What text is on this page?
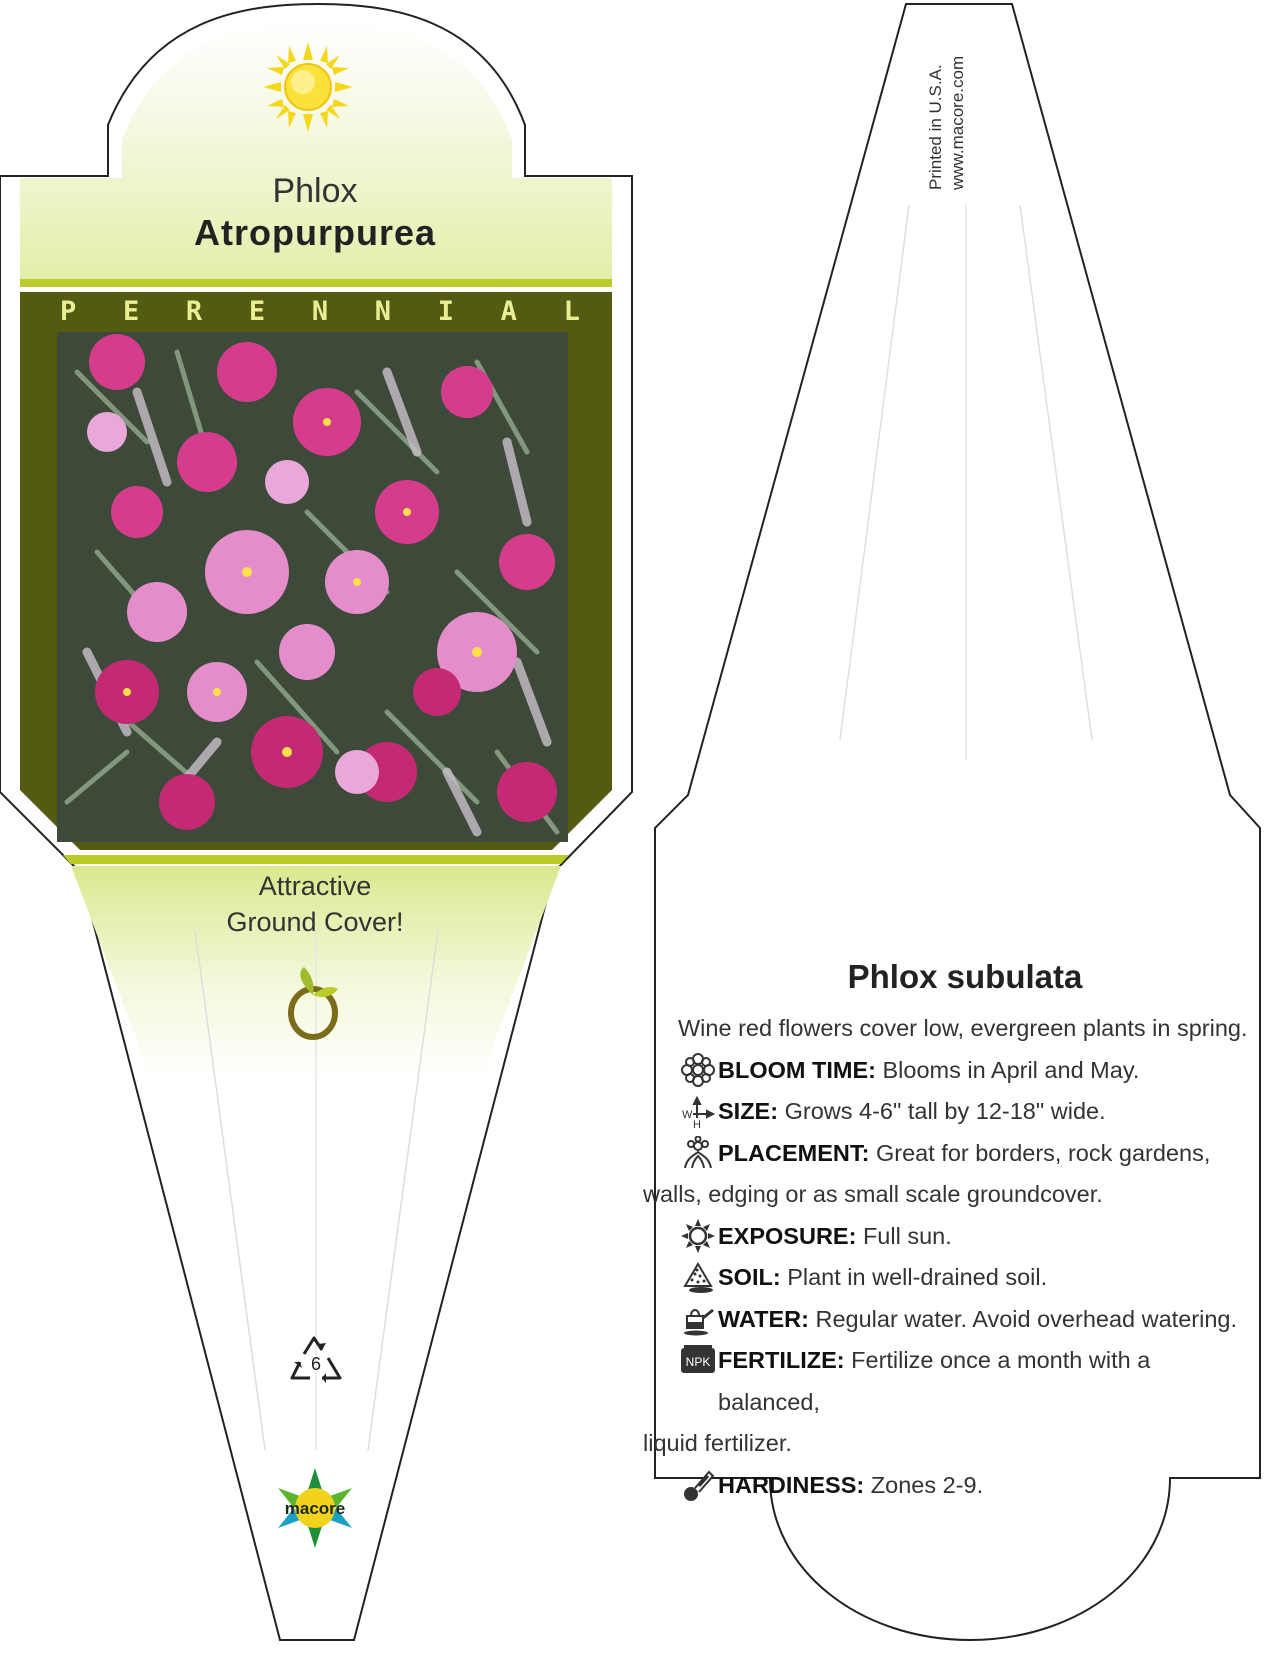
Phlox
Atropurpurea
P E R E N N I A L
Attractive
Ground Cover!
6
macore
Printed in U.S.A. www.macore.com
Phlox subulata
Wine red flowers cover low, evergreen plants in spring.
BLOOM TIME: Blooms in April and May.
W
H
SIZE: Grows 4-6" tall by 12-18" wide.
PLACEMENT: Great for borders, rock gardens,
walls, edging or as small scale groundcover.
EXPOSURE: Full sun.
SOIL: Plant in well-drained soil.
WATER: Regular water. Avoid overhead watering.
NPK FERTILIZE: Fertilize once a month with a balanced,
liquid fertilizer.
HARDINESS: Zones 2-9.
